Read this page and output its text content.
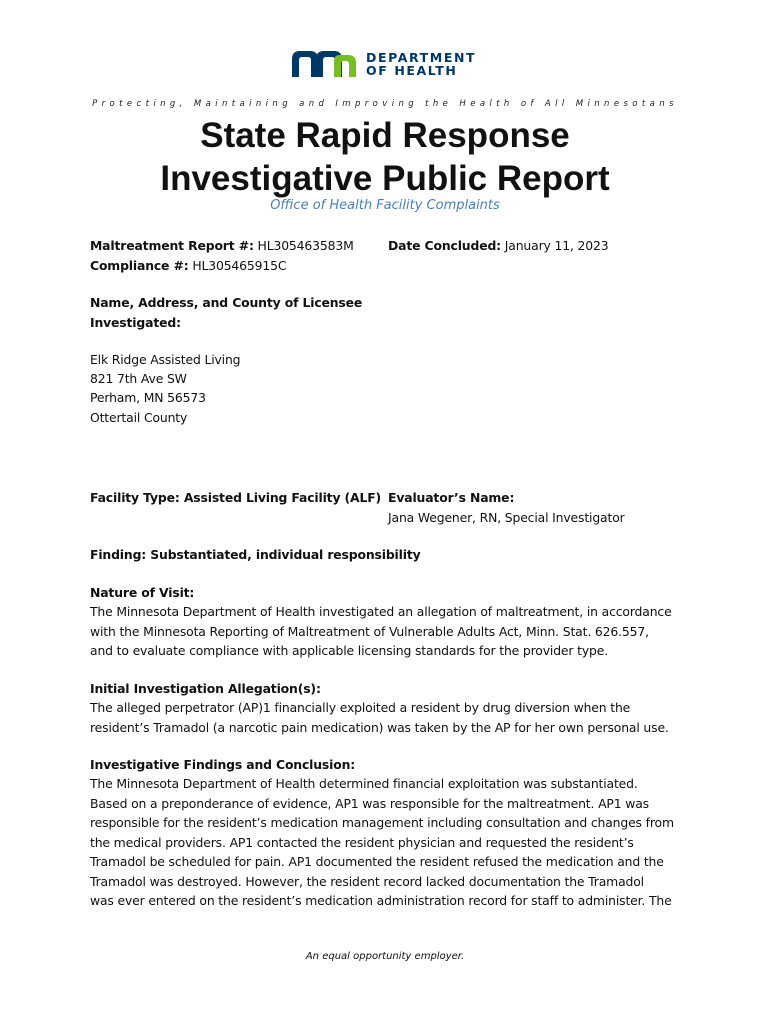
DEPARTMENT
OF HEALTH
Protecting, Maintaining and Improving the Health of All Minnesotans
State Rapid Response
Investigative Public Report
Office of Health Facility Complaints
Maltreatment Report #: HL305463583M
Compliance #: HL305465915C
Date Concluded: January 11, 2023
Name, Address, and County of Licensee
Investigated:
Elk Ridge Assisted Living
821 7th Ave SW
Perham, MN 56573
Ottertail County
Facility Type: Assisted Living Facility (ALF) Evaluator’s Name:
Jana Wegener, RN, Special Investigator
Finding: Substantiated, individual responsibility
Nature of Visit:
The Minnesota Department of Health investigated an allegation of maltreatment, in accordance
with the Minnesota Reporting of Maltreatment of Vulnerable Adults Act, Minn. Stat. 626.557,
and to evaluate compliance with applicable licensing standards for the provider type.
Initial Investigation Allegation(s):
The alleged perpetrator (AP)1 financially exploited a resident by drug diversion when the
resident’s Tramadol (a narcotic pain medication) was taken by the AP for her own personal use.
Investigative Findings and Conclusion:
The Minnesota Department of Health determined financial exploitation was substantiated.
Based on a preponderance of evidence, AP1 was responsible for the maltreatment. AP1 was
responsible for the resident’s medication management including consultation and changes from
the medical providers. AP1 contacted the resident physician and requested the resident’s
Tramadol be scheduled for pain. AP1 documented the resident refused the medication and the
Tramadol was destroyed. However, the resident record lacked documentation the Tramadol
was ever entered on the resident’s medication administration record for staff to administer. The
An equal opportunity employer.
